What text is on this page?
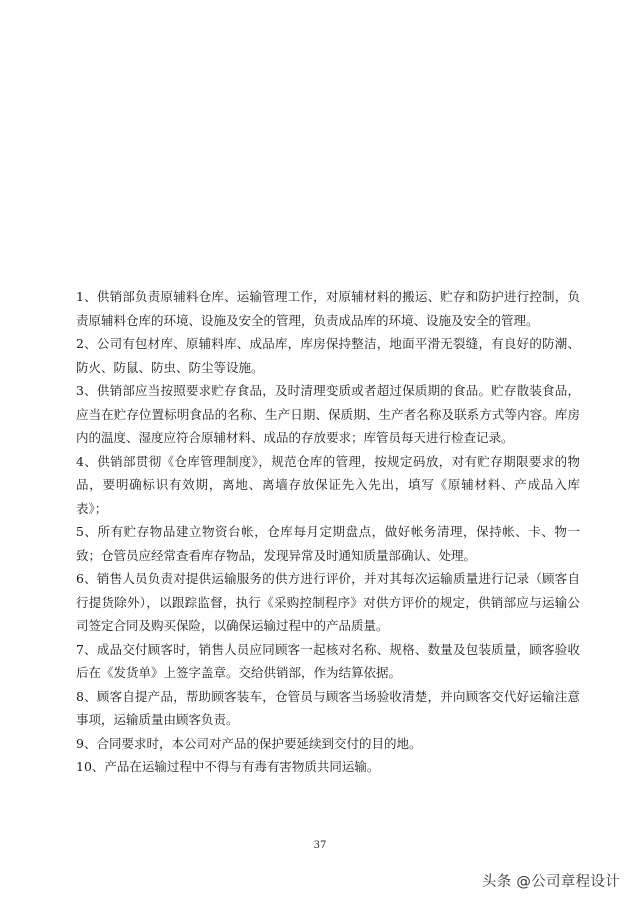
1、供销部负责原辅料仓库、运输管理工作，对原辅材料的搬运、贮存和防护进行控制，负责原辅料仓库的环境、设施及安全的管理，负责成品库的环境、设施及安全的管理。

2、公司有包材库、原辅料库、成品库，库房保持整洁，地面平滑无裂缝，有良好的防潮、防火、防鼠、防虫、防尘等设施。

3、供销部应当按照要求贮存食品，及时清理变质或者超过保质期的食品。贮存散装食品，应当在贮存位置标明食品的名称、生产日期、保质期、生产者名称及联系方式等内容。库房内的温度、湿度应符合原辅材料、成品的存放要求；库管员每天进行检查记录。

4、供销部贯彻《仓库管理制度》，规范仓库的管理，按规定码放，对有贮存期限要求的物品，要明确标识有效期，离地、离墙存放保证先入先出，填写《原辅材料、产成品入库表》；

5、所有贮存物品建立物资台帐，仓库每月定期盘点，做好帐务清理，保持帐、卡、物一致；仓管员应经常查看库存物品，发现异常及时通知质量部确认、处理。

6、销售人员负责对提供运输服务的供方进行评价，并对其每次运输质量进行记录（顾客自行提货除外），以跟踪监督，执行《采购控制程序》对供方评价的规定，供销部应与运输公司签定合同及购买保险，以确保运输过程中的产品质量。

7、成品交付顾客时，销售人员应同顾客一起核对名称、规格、数量及包装质量，顾客验收后在《发货单》上签字盖章。交给供销部，作为结算依据。

8、顾客自提产品，帮助顾客装车，仓管员与顾客当场验收清楚，并向顾客交代好运输注意事项，运输质量由顾客负责。

9、合同要求时，本公司对产品的保护要延续到交付的目的地。

10、产品在运输过程中不得与有毒有害物质共同运输。

37
头条 @公司章程设计
